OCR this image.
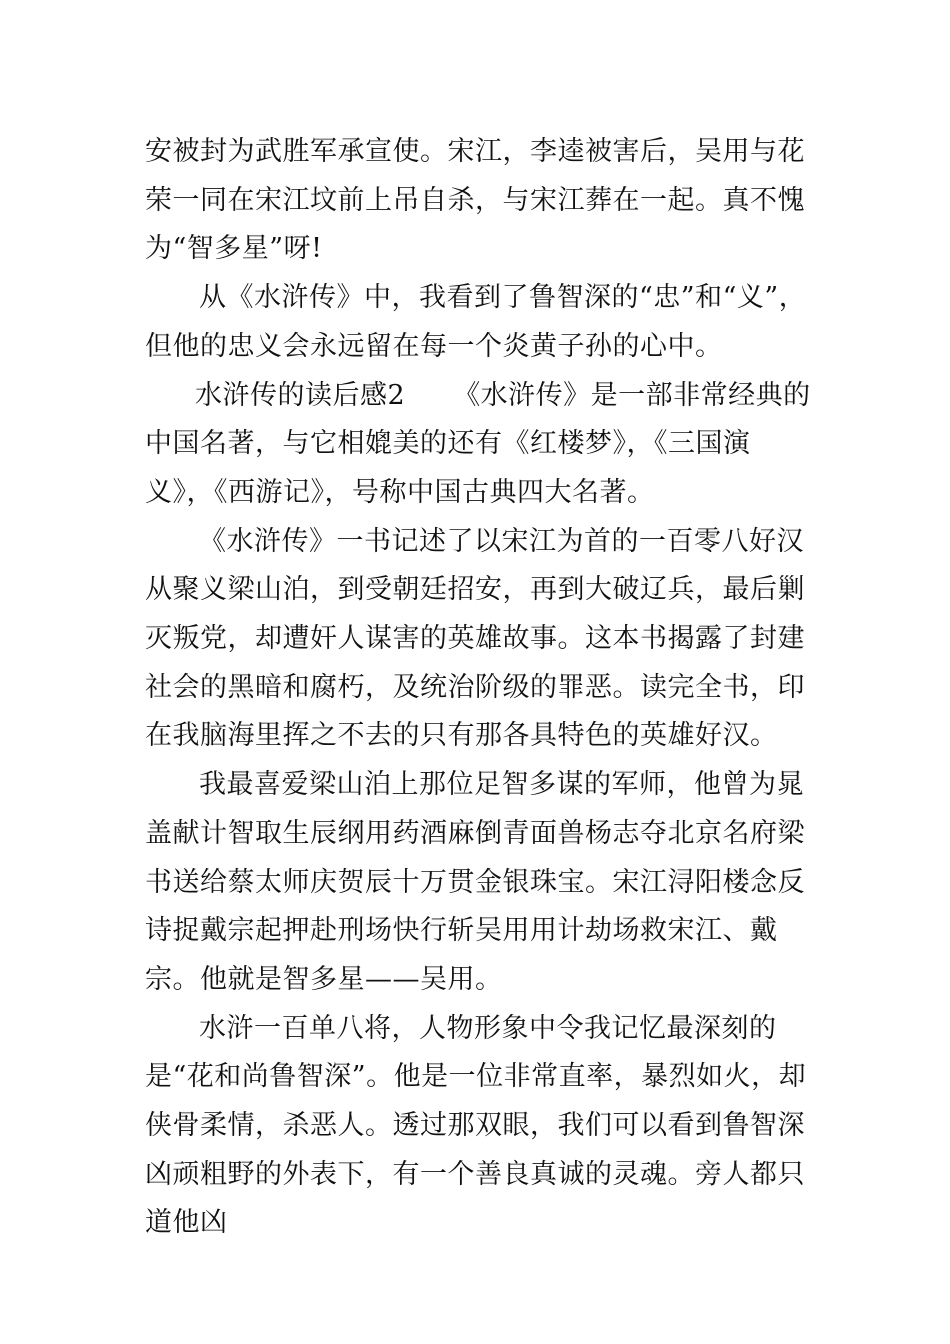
安被封为武胜军承宣使。宋江，李逵被害后，吴用与花荣一同在宋江坟前上吊自杀，与宋江葬在一起。真不愧为“智多星”呀!

从《水浒传》中，我看到了鲁智深的“忠”和“义”，但他的忠义会永远留在每一个炎黄子孙的心中。

水浒传的读后感2 《水浒传》是一部非常经典的中国名著，与它相媲美的还有《红楼梦》，《三国演义》，《西游记》，号称中国古典四大名著。

《水浒传》一书记述了以宋江为首的一百零八好汉从聚义梁山泊，到受朝廷招安，再到大破辽兵，最后剿灭叛党，却遭奸人谋害的英雄故事。这本书揭露了封建社会的黑暗和腐朽，及统治阶级的罪恶。读完全书，印在我脑海里挥之不去的只有那各具特色的英雄好汉。

我最喜爱梁山泊上那位足智多谋的军师，他曾为晁盖献计智取生辰纲用药酒麻倒青面兽杨志夺北京名府梁书送给蔡太师庆贺辰十万贯金银珠宝。宋江浔阳楼念反诗捉戴宗起押赴刑场快行斩吴用用计劫场救宋江、戴宗。他就是智多星——吴用。

水浒一百单八将，人物形象中令我记忆最深刻的是“花和尚鲁智深”。他是一位非常直率，暴烈如火，却侠骨柔情，杀恶人。透过那双眼，我们可以看到鲁智深凶顽粗野的外表下，有一个善良真诚的灵魂。旁人都只道他凶
